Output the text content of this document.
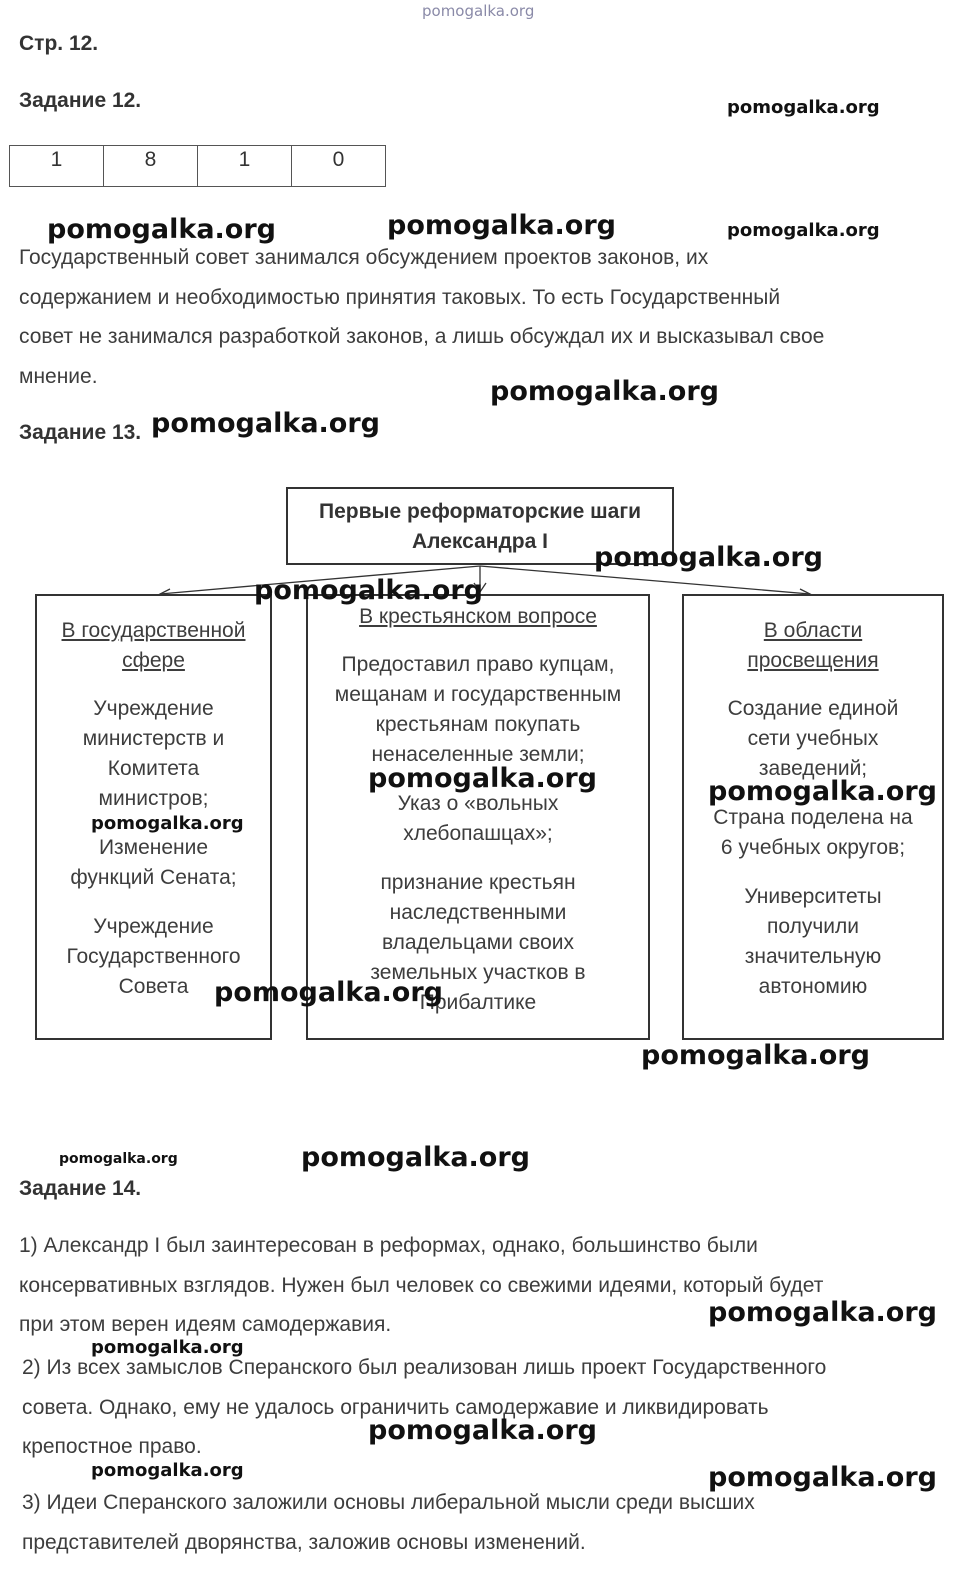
pomogalka.org
Стр. 12.
Задание 12.
1	8	1	0
Государственный совет занимался обсуждением проектов законов, их
содержанием и необходимостью принятия таковых. То есть Государственный
совет не занимался разработкой законов, а лишь обсуждал их и высказывал свое
мнение.
Задание 13.
Первые реформаторские шаги
Александра I
В государственной
сфере
Учреждение
министерств и
Комитета
министров;
Изменение
функций Сената;
Учреждение
Государственного
Совета
В крестьянском вопросе
Предоставил право купцам,
мещанам и государственным
крестьянам покупать
ненаселенные земли;
Указ о «вольных
хлебопашцах»;
признание крестьян
наследственными
владельцами своих
земельных участков в
Прибалтике
В области
просвещения
Создание единой
сети учебных
заведений;
Страна поделена на
6 учебных округов;
Университеты
получили
значительную
автономию
Задание 14.
1) Александр I был заинтересован в реформах, однако, большинство были
консервативных взглядов. Нужен был человек со свежими идеями, который будет
при этом верен идеям самодержавия.
2) Из всех замыслов Сперанского был реализован лишь проект Государственного
совета. Однако, ему не удалось ограничить самодержавие и ликвидировать
крепостное право.
3) Идеи Сперанского заложили основы либеральной мысли среди высших
представителей дворянства, заложив основы изменений.
pomogalka.org
pomogalka.org	pomogalka.org	pomogalka.org
pomogalka.org
pomogalka.org
pomogalka.org
pomogalka.org
pomogalka.org	pomogalka.org
pomogalka.org
pomogalka.org
pomogalka.org
pomogalka.org	pomogalka.org
pomogalka.org
pomogalka.org
pomogalka.org
pomogalka.org	pomogalka.org
